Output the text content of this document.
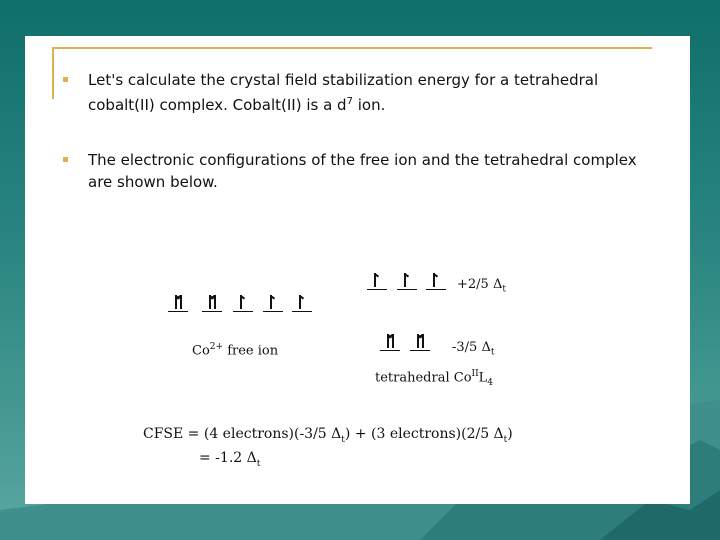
Let's calculate the crystal field stabilization energy for a tetrahedral cobalt(II) complex. Cobalt(II) is a $d^7$ ion.
The electronic configurations of the free ion and the tetrahedral complex are shown below.
$Co^{2+}$ free ion
+2/5 $\Delta_t$
-3/5 $\Delta_t$
tetrahedral $Co^{II}L_4$
CFSE = (4 electrons)(-3/5 $\Delta_t) + (3$ electrons)(2/5 $\Delta_t$)
= -1.2 $\Delta_t$
